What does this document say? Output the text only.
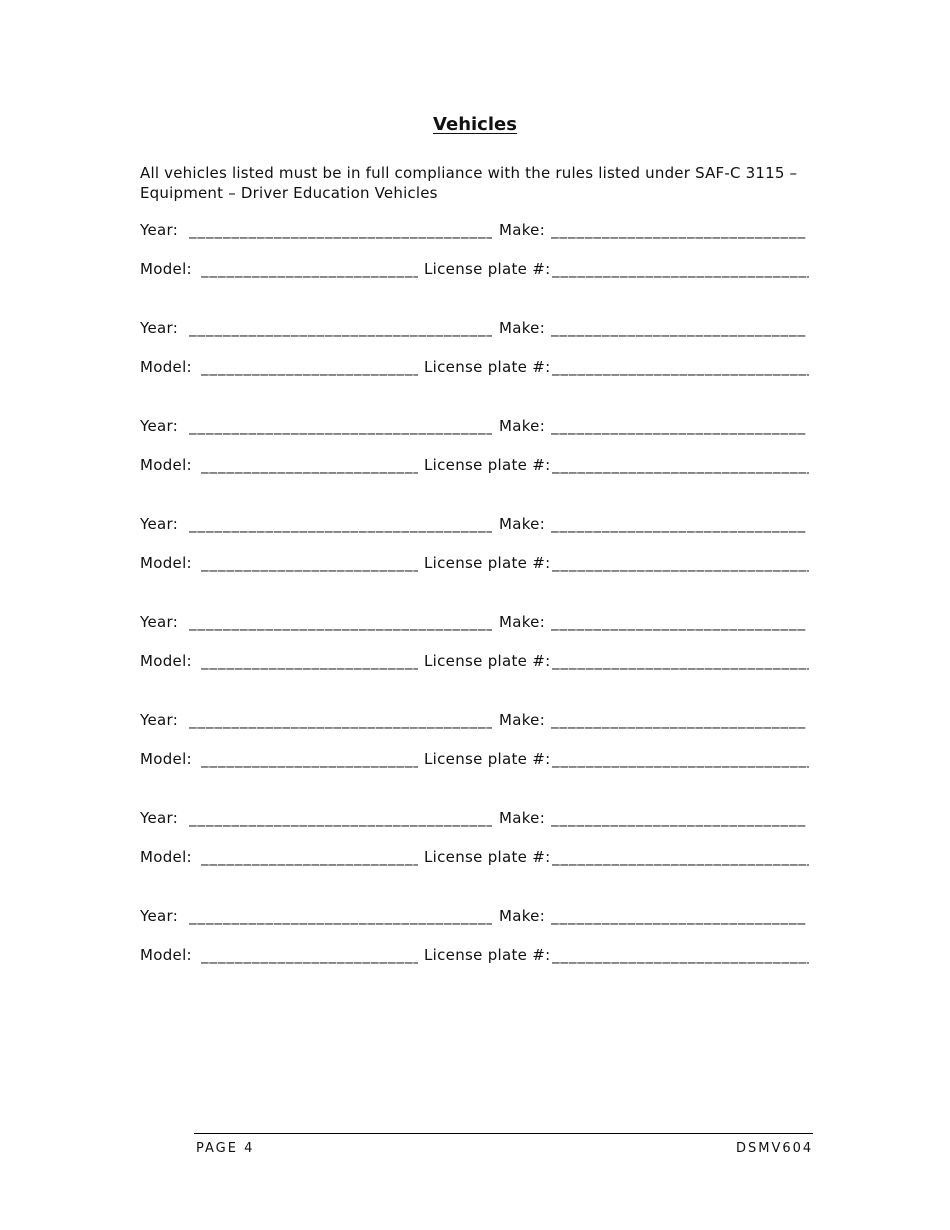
Vehicles
All vehicles listed must be in full compliance with the rules listed under SAF-C 3115 – Equipment – Driver Education Vehicles
Year: _____	Make:
_____
Model: _____	License plate #:
_____
Year: _____	Make:
_____
Model: _____	License plate #:
_____
Year: _____	Make:
_____
Model: _____	License plate #:
_____
Year: _____	Make:
_____
Model: _____	License plate #:
_____
Year: _____	Make:
_____
Model: _____	License plate #:
_____
Year: _____	Make:
_____
Model: _____	License plate #:
_____
Year: _____	Make:
_____
Model: _____	License plate #:
_____
Year: _____	Make:
_____
Model: _____	License plate #:
_____
PAGE 4	DSMV604
